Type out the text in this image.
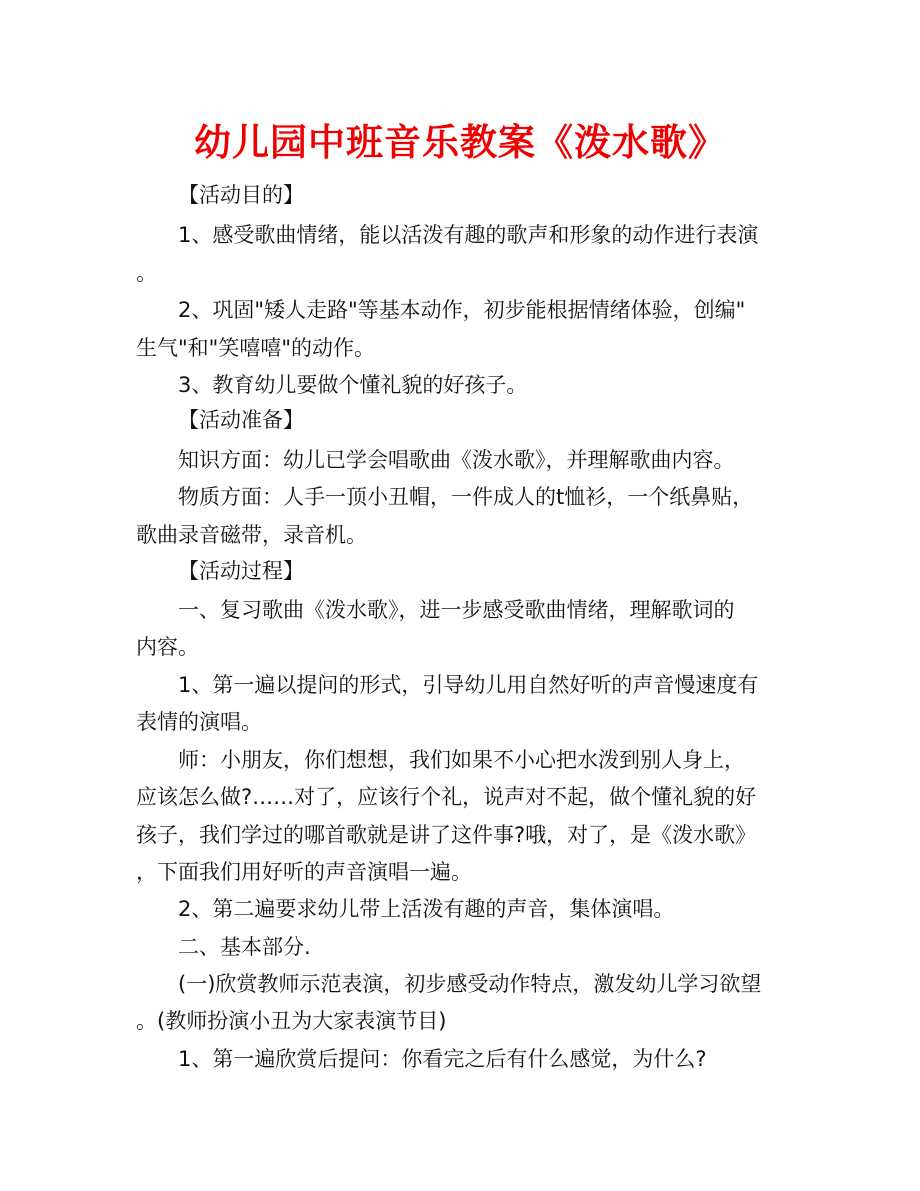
幼儿园中班音乐教案《泼水歌》
【活动目的】
1、感受歌曲情绪，能以活泼有趣的歌声和形象的动作进行表演
。
2、巩固"矮人走路"等基本动作，初步能根据情绪体验，创编"
生气"和"笑嘻嘻"的动作。
3、教育幼儿要做个懂礼貌的好孩子。
【活动准备】
知识方面：幼儿已学会唱歌曲《泼水歌》，并理解歌曲内容。
物质方面：人手一顶小丑帽，一件成人的t恤衫，一个纸鼻贴，
歌曲录音磁带，录音机。
【活动过程】
一、复习歌曲《泼水歌》，进一步感受歌曲情绪，理解歌词的
内容。
1、第一遍以提问的形式，引导幼儿用自然好听的声音慢速度有
表情的演唱。
师：小朋友，你们想想，我们如果不小心把水泼到别人身上，
应该怎么做?……对了，应该行个礼，说声对不起，做个懂礼貌的好
孩子，我们学过的哪首歌就是讲了这件事?哦，对了，是《泼水歌》
，下面我们用好听的声音演唱一遍。
2、第二遍要求幼儿带上活泼有趣的声音，集体演唱。
二、基本部分.
(一)欣赏教师示范表演，初步感受动作特点，激发幼儿学习欲望
。(教师扮演小丑为大家表演节目)
1、第一遍欣赏后提问：你看完之后有什么感觉，为什么?
